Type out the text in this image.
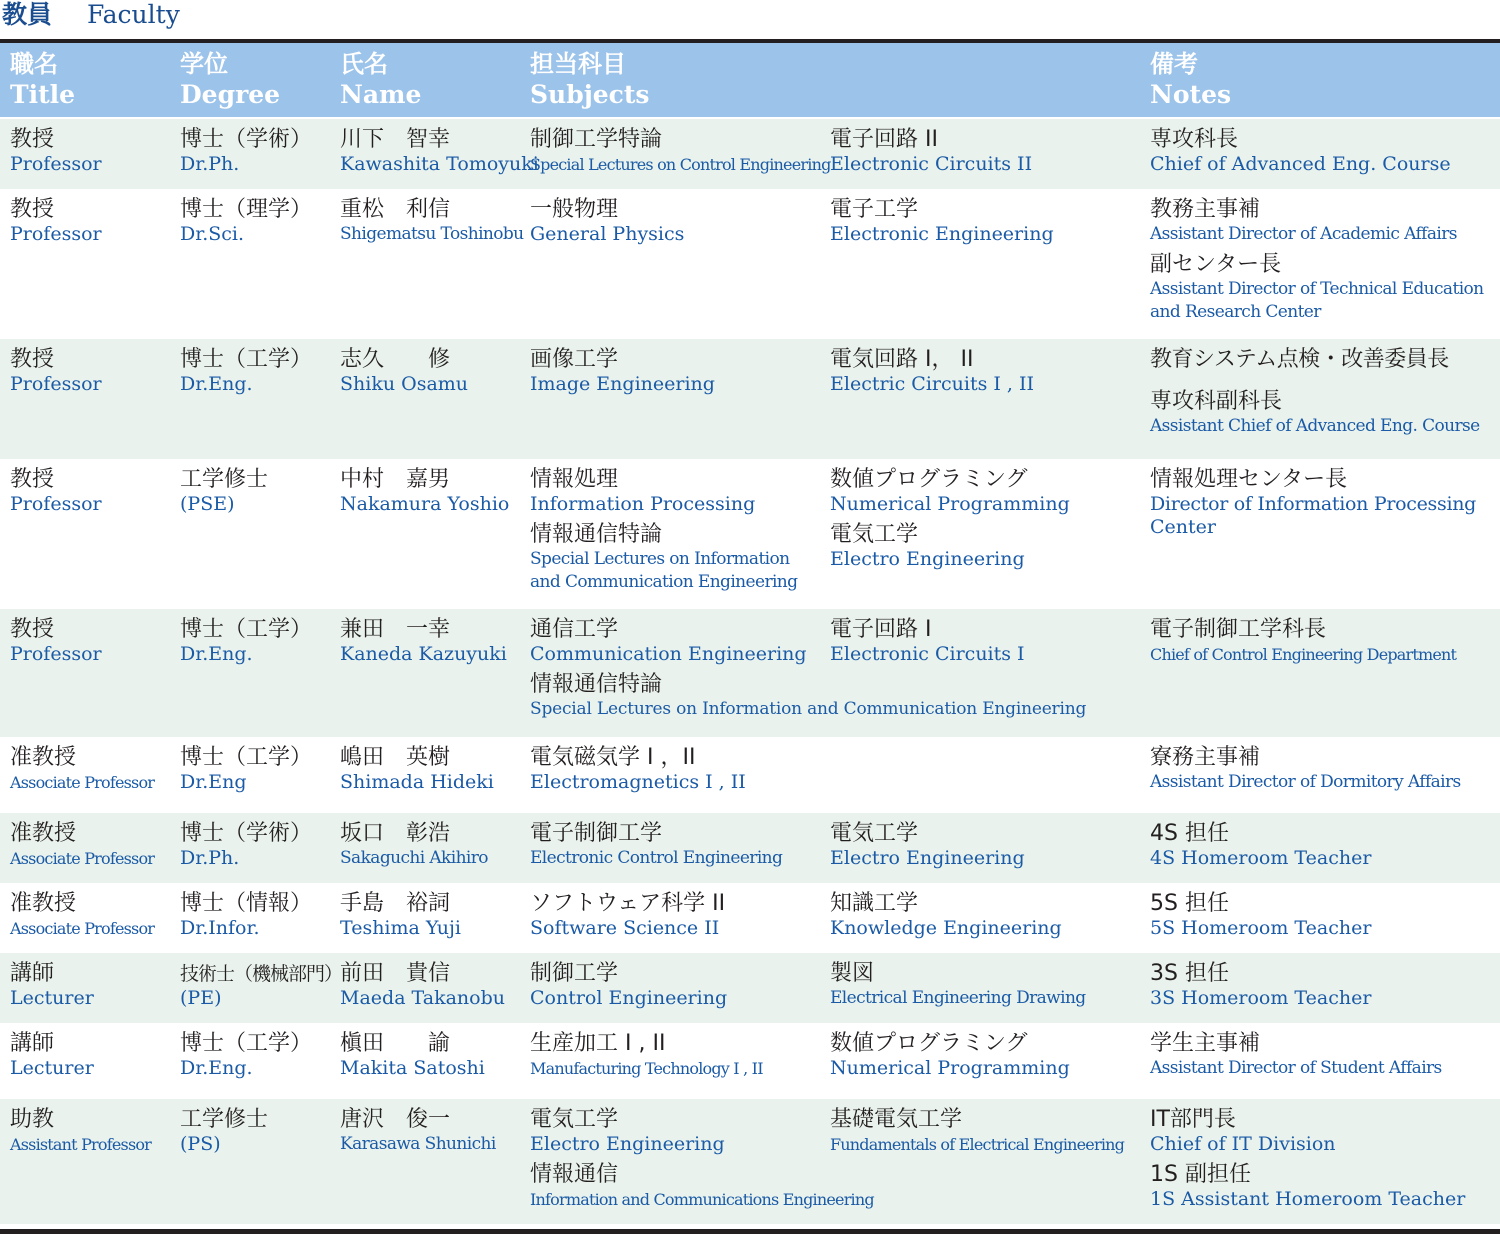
教員 Faculty
職名
Title
学位
Degree
氏名
Name
担当科目
Subjects
備考
Notes
教授
Professor
博士（学術）
Dr.Ph.
川下　智幸
Kawashita Tomoyuki
制御工学特論
Special Lectures on Control Engineering
電子回路 II
Electronic Circuits II
専攻科長
Chief of Advanced Eng. Course
教授
Professor
博士（理学）
Dr.Sci.
重松　利信
Shigematsu Toshinobu
一般物理
General Physics
電子工学
Electronic Engineering
教務主事補
Assistant Director of Academic Affairs
副センター長
Assistant Director of Technical Education
and Research Center
教授
Professor
博士（工学）
Dr.Eng.
志久　　修
Shiku Osamu
画像工学
Image Engineering
電気回路 I， II
Electric Circuits I , II
教育システム点検・改善委員長
専攻科副科長
Assistant Chief of Advanced Eng. Course
教授
Professor
工学修士
(PSE)
中村　嘉男
Nakamura Yoshio
情報処理
Information Processing
情報通信特論
Special Lectures on Information
and Communication Engineering
数値プログラミング
Numerical Programming
電気工学
Electro Engineering
情報処理センター長
Director of Information Processing
Center
教授
Professor
博士（工学）
Dr.Eng.
兼田　一幸
Kaneda Kazuyuki
通信工学
Communication Engineering
情報通信特論
Special Lectures on Information and Communication Engineering
電子回路 I
Electronic Circuits I
電子制御工学科長
Chief of Control Engineering Department
准教授
Associate Professor
博士（工学）
Dr.Eng
嶋田　英樹
Shimada Hideki
電気磁気学 I ，II
Electromagnetics I , II
寮務主事補
Assistant Director of Dormitory Affairs
准教授
Associate Professor
博士（学術）
Dr.Ph.
坂口　彰浩
Sakaguchi Akihiro
電子制御工学
Electronic Control Engineering
電気工学
Electro Engineering
4S 担任
4S Homeroom Teacher
准教授
Associate Professor
博士（情報）
Dr.Infor.
手島　裕詞
Teshima Yuji
ソフトウェア科学 II
Software Science II
知識工学
Knowledge Engineering
5S 担任
5S Homeroom Teacher
講師
Lecturer
技術士（機械部門）
(PE)
前田　貴信
Maeda Takanobu
制御工学
Control Engineering
製図
Electrical Engineering Drawing
3S 担任
3S Homeroom Teacher
講師
Lecturer
博士（工学）
Dr.Eng.
槇田　　諭
Makita Satoshi
生産加工 I , II
Manufacturing Technology I , II
数値プログラミング
Numerical Programming
学生主事補
Assistant Director of Student Affairs
助教
Assistant Professor
工学修士
(PS)
唐沢　俊一
Karasawa Shunichi
電気工学
Electro Engineering
情報通信
Information and Communications Engineering
基礎電気工学
Fundamentals of Electrical Engineering
IT部門長
Chief of IT Division
1S 副担任
1S Assistant Homeroom Teacher
